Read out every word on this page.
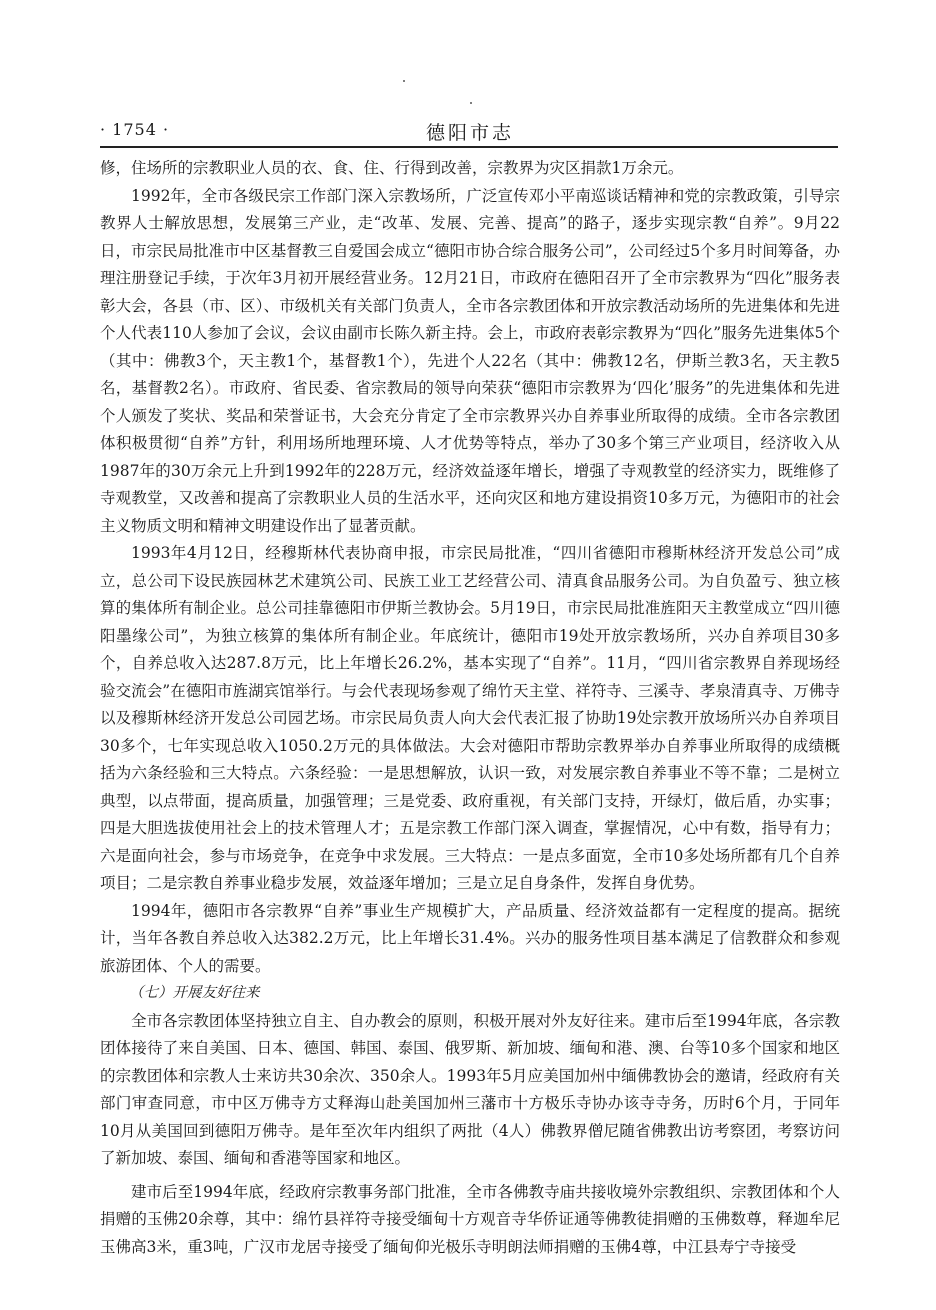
· 1754 ·	德阳市志

修，住场所的宗教职业人员的衣、食、住、行得到改善，宗教界为灾区捐款1万余元。

1992年，全市各级民宗工作部门深入宗教场所，广泛宣传邓小平南巡谈话精神和党的宗教政策，引导宗教界人士解放思想，发展第三产业，走“改革、发展、完善、提高”的路子，逐步实现宗教“自养”。9月22日，市宗民局批准市中区基督教三自爱国会成立“德阳市协合综合服务公司”，公司经过5个多月时间筹备，办理注册登记手续，于次年3月初开展经营业务。12月21日，市政府在德阳召开了全市宗教界为“四化”服务表彰大会，各县（市、区）、市级机关有关部门负责人，全市各宗教团体和开放宗教活动场所的先进集体和先进个人代表110人参加了会议，会议由副市长陈久新主持。会上，市政府表彰宗教界为“四化”服务先进集体5个（其中：佛教3个，天主教1个，基督教1个），先进个人22名（其中：佛教12名，伊斯兰教3名，天主教5名，基督教2名）。市政府、省民委、省宗教局的领导向荣获“德阳市宗教界为‘四化’服务”的先进集体和先进个人颁发了奖状、奖品和荣誉证书，大会充分肯定了全市宗教界兴办自养事业所取得的成绩。全市各宗教团体积极贯彻“自养”方针，利用场所地理环境、人才优势等特点，举办了30多个第三产业项目，经济收入从1987年的30万余元上升到1992年的228万元，经济效益逐年增长，增强了寺观教堂的经济实力，既维修了寺观教堂，又改善和提高了宗教职业人员的生活水平，还向灾区和地方建设捐资10多万元，为德阳市的社会主义物质文明和精神文明建设作出了显著贡献。

1993年4月12日，经穆斯林代表协商申报，市宗民局批准，“四川省德阳市穆斯林经济开发总公司”成立，总公司下设民族园林艺术建筑公司、民族工业工艺经营公司、清真食品服务公司。为自负盈亏、独立核算的集体所有制企业。总公司挂靠德阳市伊斯兰教协会。5月19日，市宗民局批准旌阳天主教堂成立“四川德阳墨缘公司”，为独立核算的集体所有制企业。年底统计，德阳市19处开放宗教场所，兴办自养项目30多个，自养总收入达287.8万元，比上年增长26.2%，基本实现了“自养”。11月，“四川省宗教界自养现场经验交流会”在德阳市旌湖宾馆举行。与会代表现场参观了绵竹天主堂、祥符寺、三溪寺、孝泉清真寺、万佛寺以及穆斯林经济开发总公司园艺场。市宗民局负责人向大会代表汇报了协助19处宗教开放场所兴办自养项目30多个，七年实现总收入1050.2万元的具体做法。大会对德阳市帮助宗教界举办自养事业所取得的成绩概括为六条经验和三大特点。六条经验：一是思想解放，认识一致，对发展宗教自养事业不等不靠；二是树立典型，以点带面，提高质量，加强管理；三是党委、政府重视，有关部门支持，开绿灯，做后盾，办实事；四是大胆选拔使用社会上的技术管理人才；五是宗教工作部门深入调查，掌握情况，心中有数，指导有力；六是面向社会，参与市场竞争，在竞争中求发展。三大特点：一是点多面宽，全市10多处场所都有几个自养项目；二是宗教自养事业稳步发展，效益逐年增加；三是立足自身条件，发挥自身优势。

1994年，德阳市各宗教界“自养”事业生产规模扩大，产品质量、经济效益都有一定程度的提高。据统计，当年各教自养总收入达382.2万元，比上年增长31.4%。兴办的服务性项目基本满足了信教群众和参观旅游团体、个人的需要。

（七）开展友好往来

全市各宗教团体坚持独立自主、自办教会的原则，积极开展对外友好往来。建市后至1994年底，各宗教团体接待了来自美国、日本、德国、韩国、泰国、俄罗斯、新加坡、缅甸和港、澳、台等10多个国家和地区的宗教团体和宗教人士来访共30余次、350余人。1993年5月应美国加州中缅佛教协会的邀请，经政府有关部门审查同意，市中区万佛寺方丈释海山赴美国加州三藩市十方极乐寺协办该寺寺务，历时6个月，于同年10月从美国回到德阳万佛寺。是年至次年内组织了两批（4人）佛教界僧尼随省佛教出访考察团，考察访问了新加坡、泰国、缅甸和香港等国家和地区。

建市后至1994年底，经政府宗教事务部门批准，全市各佛教寺庙共接收境外宗教组织、宗教团体和个人捐赠的玉佛20余尊，其中：绵竹县祥符寺接受缅甸十方观音寺华侨证通等佛教徒捐赠的玉佛数尊，释迦牟尼玉佛高3米，重3吨，广汉市龙居寺接受了缅甸仰光极乐寺明朗法师捐赠的玉佛4尊，中江县寿宁寺接受
